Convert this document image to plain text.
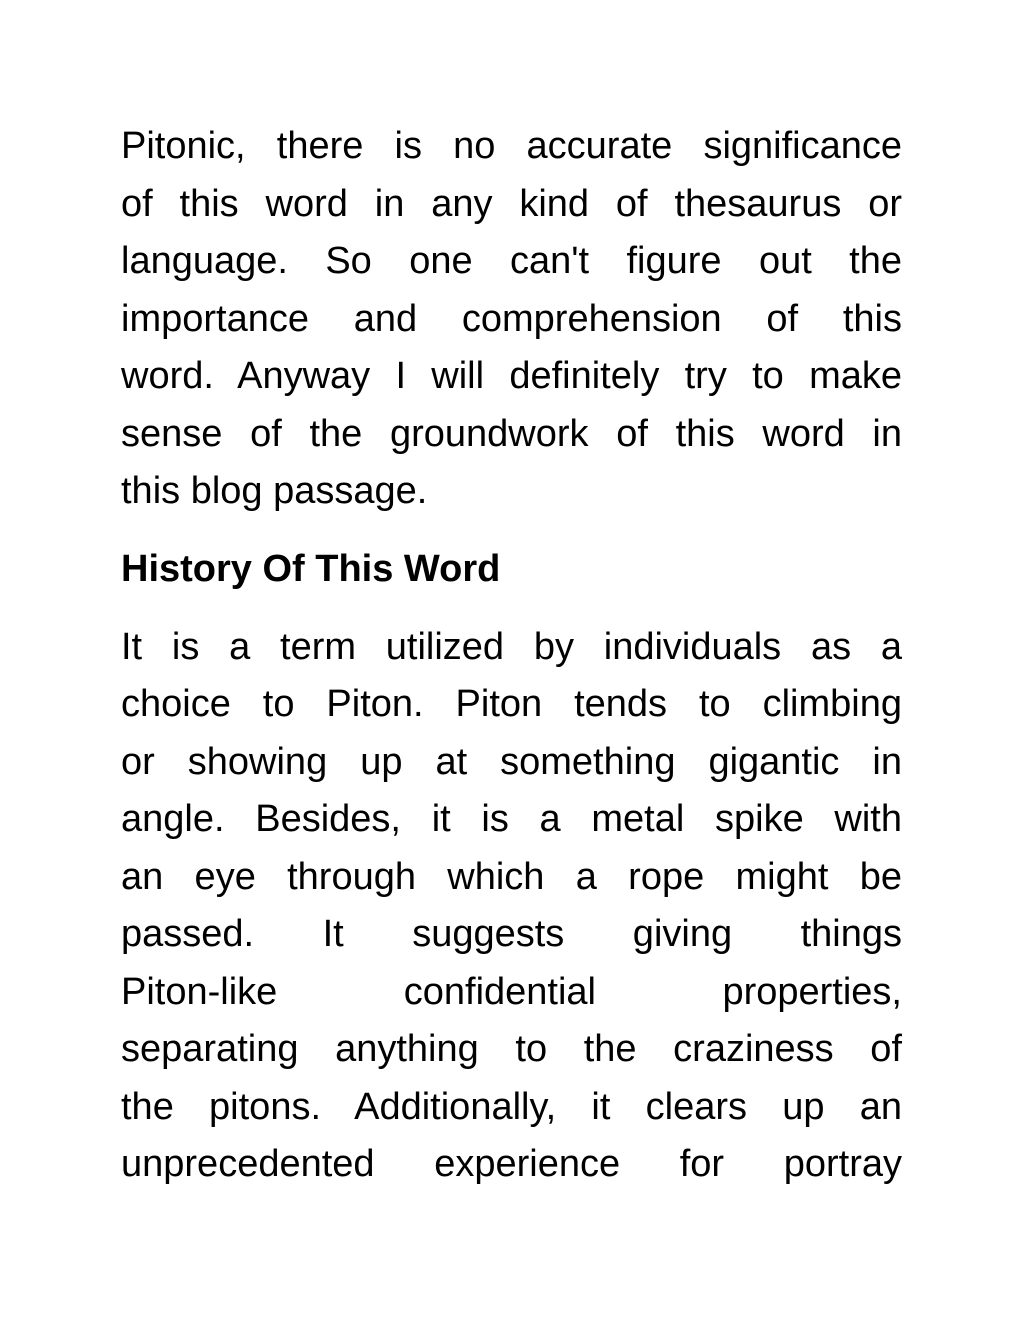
Pitonic, there is no accurate significance
of this word in any kind of thesaurus or
language. So one can't figure out the
importance and comprehension of this
word. Anyway I will definitely try to make
sense of the groundwork of this word in
this blog passage.

History Of This Word

It is a term utilized by individuals as a
choice to Piton. Piton tends to climbing
or showing up at something gigantic in
angle. Besides, it is a metal spike with
an eye through which a rope might be
passed. It suggests giving things
Piton-like confidential properties,
separating anything to the craziness of
the pitons. Additionally, it clears up an
unprecedented experience for portray
